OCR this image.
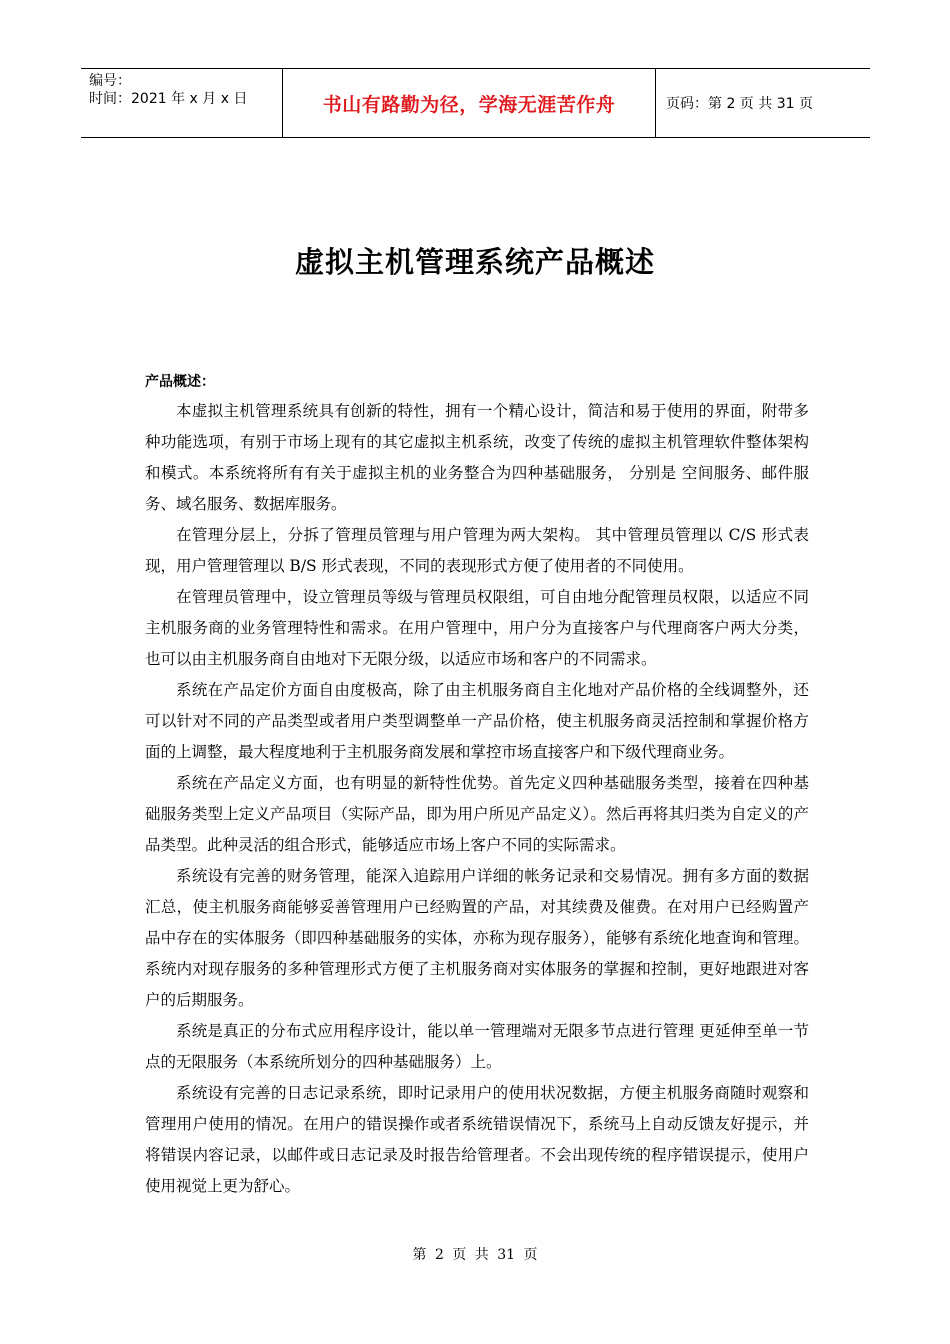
编号：
时间：2021 年 x 月 x 日	书山有路勤为径，学海无涯苦作舟	页码：第 2 页 共 31 页
虚拟主机管理系统产品概述
产品概述：

本虚拟主机管理系统具有创新的特性，拥有一个精心设计，简洁和易于使用的界面，附带多种功能选项，有别于市场上现有的其它虚拟主机系统，改变了传统的虚拟主机管理软件整体架构和模式。本系统将所有有关于虚拟主机的业务整合为四种基础服务， 分别是 空间服务、邮件服务、域名服务、数据库服务。

在管理分层上，分拆了管理员管理与用户管理为两大架构。 其中管理员管理以 C/S 形式表现，用户管理管理以 B/S 形式表现，不同的表现形式方便了使用者的不同使用。

在管理员管理中，设立管理员等级与管理员权限组，可自由地分配管理员权限，以适应不同主机服务商的业务管理特性和需求。在用户管理中，用户分为直接客户与代理商客户两大分类，也可以由主机服务商自由地对下无限分级，以适应市场和客户的不同需求。

系统在产品定价方面自由度极高，除了由主机服务商自主化地对产品价格的全线调整外，还可以针对不同的产品类型或者用户类型调整单一产品价格，使主机服务商灵活控制和掌握价格方面的上调整，最大程度地利于主机服务商发展和掌控市场直接客户和下级代理商业务。

系统在产品定义方面，也有明显的新特性优势。首先定义四种基础服务类型，接着在四种基础服务类型上定义产品项目（实际产品，即为用户所见产品定义）。然后再将其归类为自定义的产品类型。此种灵活的组合形式，能够适应市场上客户不同的实际需求。

系统设有完善的财务管理，能深入追踪用户详细的帐务记录和交易情况。拥有多方面的数据汇总，使主机服务商能够妥善管理用户已经购置的产品，对其续费及催费。在对用户已经购置产品中存在的实体服务（即四种基础服务的实体，亦称为现存服务），能够有系统化地查询和管理。系统内对现存服务的多种管理形式方便了主机服务商对实体服务的掌握和控制，更好地跟进对客户的后期服务。

系统是真正的分布式应用程序设计，能以单一管理端对无限多节点进行管理 更延伸至单一节点的无限服务（本系统所划分的四种基础服务）上。

系统设有完善的日志记录系统，即时记录用户的使用状况数据，方便主机服务商随时观察和管理用户使用的情况。在用户的错误操作或者系统错误情况下，系统马上自动反馈友好提示，并将错误内容记录，以邮件或日志记录及时报告给管理者。不会出现传统的程序错误提示，使用户使用视觉上更为舒心。

第 2 页 共 31 页
